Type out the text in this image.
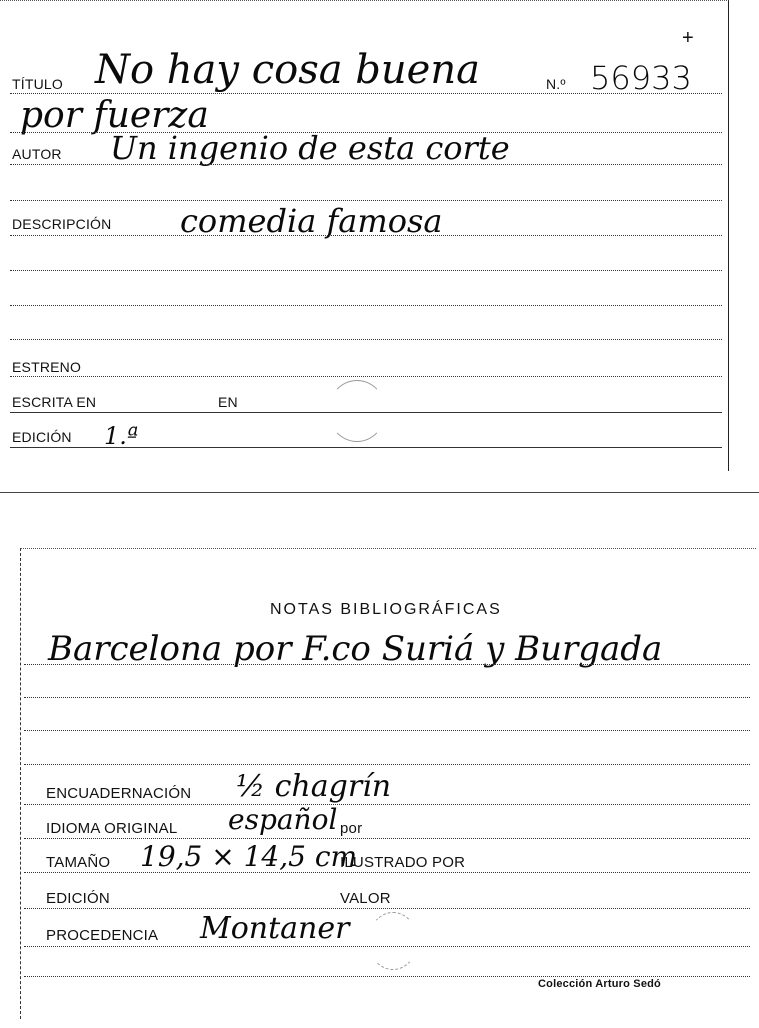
+
TÍTULO No hay cosa buena	N.º 56933
por fuerza
AUTOR Un ingenio de esta corte
DESCRIPCIÓN comedia famosa
ESTRENO
ESCRITA EN	EN
EDICIÓN 1.ª
NOTAS BIBLIOGRÁFICAS
Barcelona por F.co Suriá y Burgada
ENCUADERNACIÓN ½ chagrín
IDIOMA ORIGINAL español por
TAMAÑO 19,5 × 14,5 cm
ILUSTRADO POR
EDICIÓN	VALOR
PROCEDENCIA Montaner
Colección Arturo Sedó
